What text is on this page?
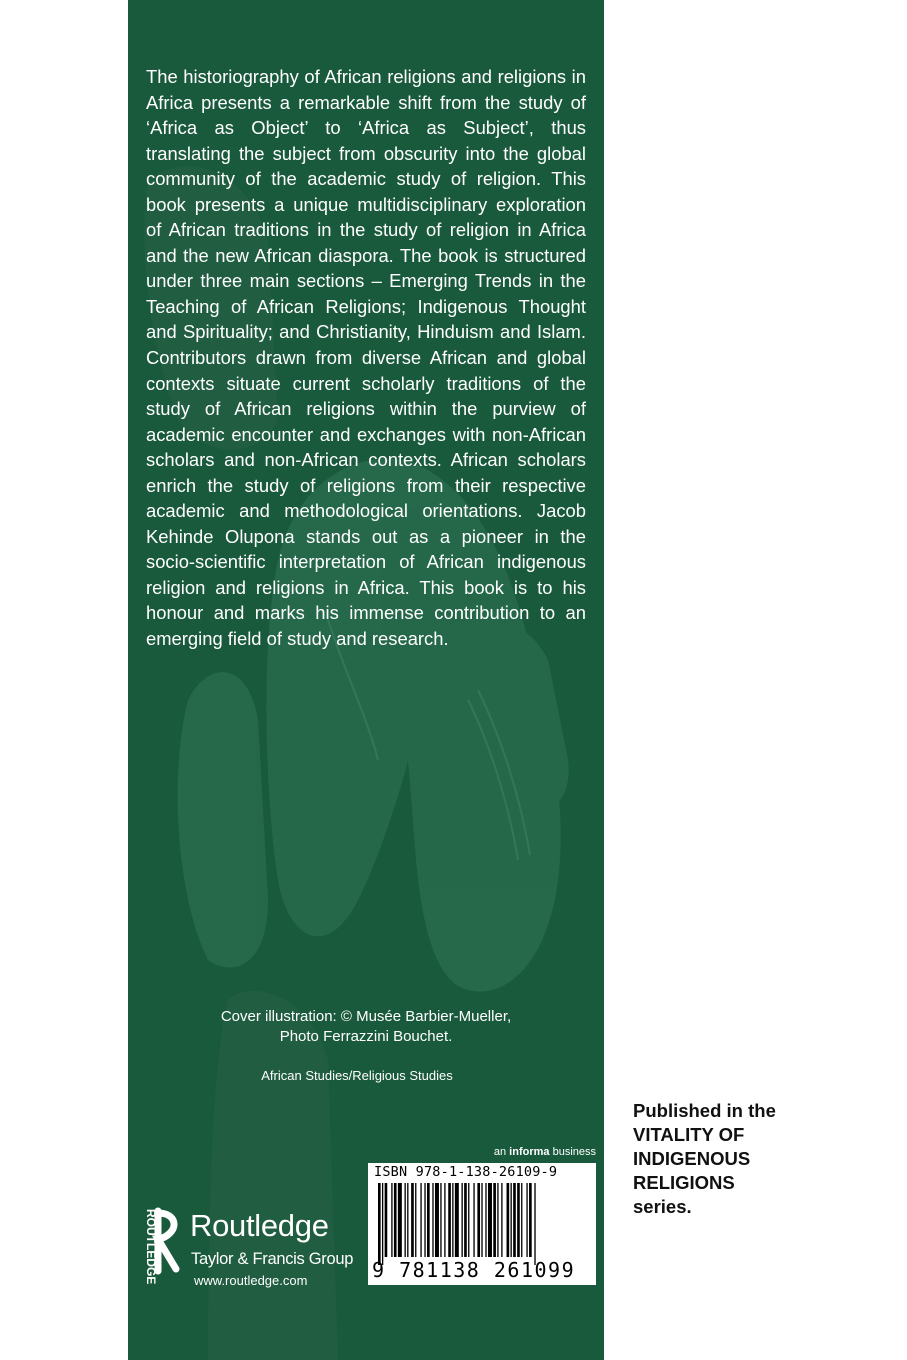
The historiography of African religions and religions in Africa presents a remarkable shift from the study of ‘Africa as Object’ to ‘Africa as Subject’, thus translating the subject from obscurity into the global community of the academic study of religion. This book presents a unique multidisciplinary exploration of African traditions in the study of religion in Africa and the new African diaspora. The book is structured under three main sections – Emerging Trends in the Teaching of African Religions; Indigenous Thought and Spirituality; and Christianity, Hinduism and Islam. Contributors drawn from diverse African and global contexts situate current scholarly traditions of the study of African religions within the purview of academic encounter and exchanges with non-African scholars and non-African contexts. African scholars enrich the study of religions from their respective academic and methodological orientations. Jacob Kehinde Olupona stands out as a pioneer in the socio-scientific interpretation of African indigenous religion and religions in Africa. This book is to his honour and marks his immense contribution to an emerging field of study and research.

Cover illustration: © Musée Barbier-Mueller,

Photo Ferrazzini Bouchet.

African Studies/Religious Studies

an informa business
ISBN 978-1-138-26109-9
9 781138 261099
ROUTLEDGE Routledge
Taylor & Francis Group
www.routledge.com
Published in the
VITALITY OF
INDIGENOUS
RELIGIONS
series.
